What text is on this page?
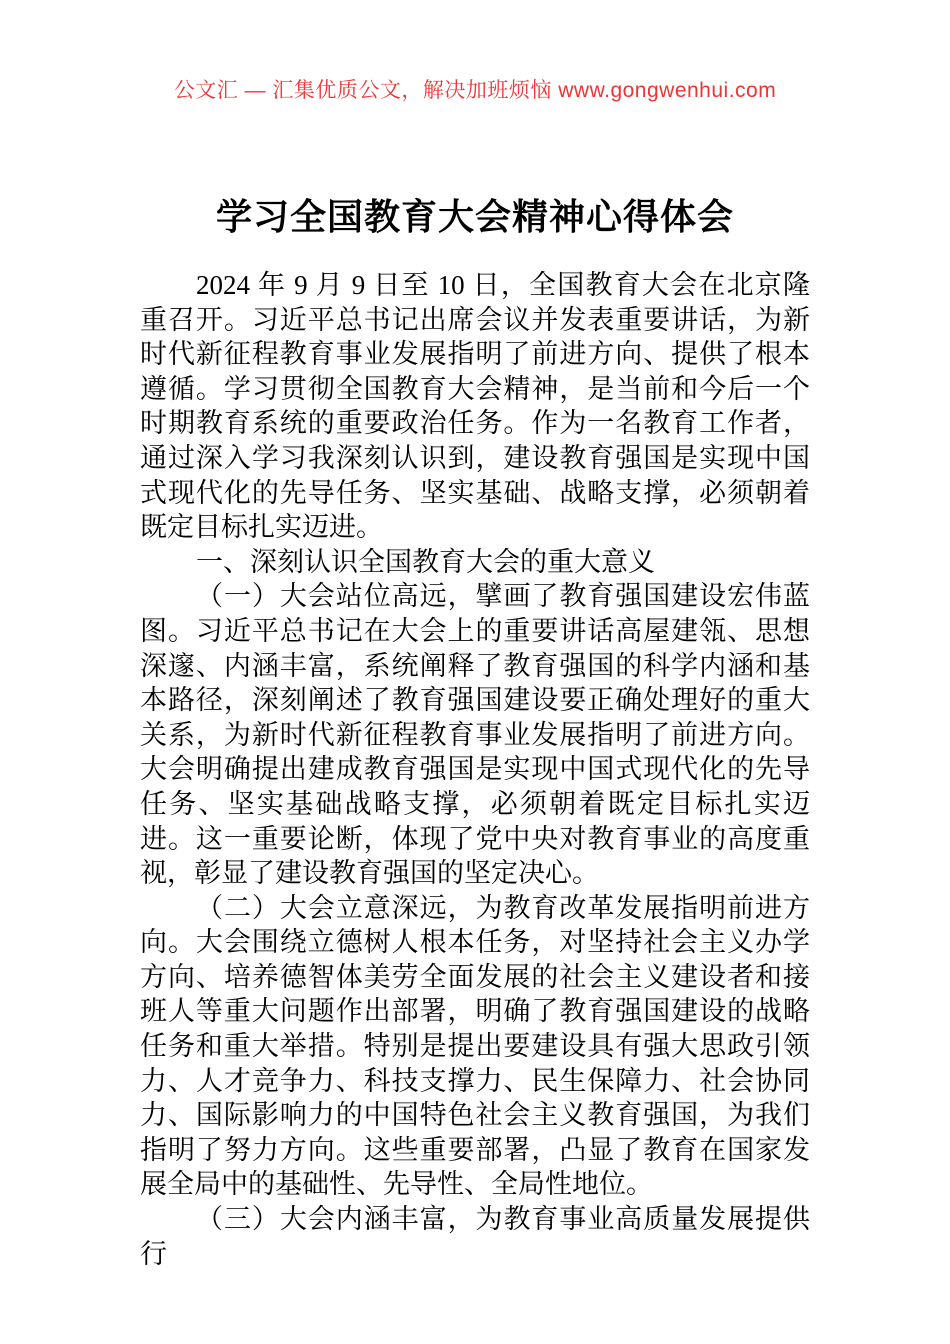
公文汇 — 汇集优质公文，解决加班烦恼 www.gongwenhui.com
学习全国教育大会精神心得体会

2024 年 9 月 9 日至 10 日，全国教育大会在北京隆重召开。习近平总书记出席会议并发表重要讲话，为新时代新征程教育事业发展指明了前进方向、提供了根本遵循。学习贯彻全国教育大会精神，是当前和今后一个时期教育系统的重要政治任务。作为一名教育工作者，通过深入学习我深刻认识到，建设教育强国是实现中国式现代化的先导任务、坚实基础、战略支撑，必须朝着既定目标扎实迈进。

一、深刻认识全国教育大会的重大意义

（一）大会站位高远，擘画了教育强国建设宏伟蓝图。习近平总书记在大会上的重要讲话高屋建瓴、思想深邃、内涵丰富，系统阐释了教育强国的科学内涵和基本路径，深刻阐述了教育强国建设要正确处理好的重大关系，为新时代新征程教育事业发展指明了前进方向。大会明确提出建成教育强国是实现中国式现代化的先导任务、坚实基础战略支撑，必须朝着既定目标扎实迈进。这一重要论断，体现了党中央对教育事业的高度重视，彰显了建设教育强国的坚定决心。

（二）大会立意深远，为教育改革发展指明前进方向。大会围绕立德树人根本任务，对坚持社会主义办学方向、培养德智体美劳全面发展的社会主义建设者和接班人等重大问题作出部署，明确了教育强国建设的战略任务和重大举措。特别是提出要建设具有强大思政引领力、人才竞争力、科技支撑力、民生保障力、社会协同力、国际影响力的中国特色社会主义教育强国，为我们指明了努力方向。这些重要部署，凸显了教育在国家发展全局中的基础性、先导性、全局性地位。

（三）大会内涵丰富，为教育事业高质量发展提供行
